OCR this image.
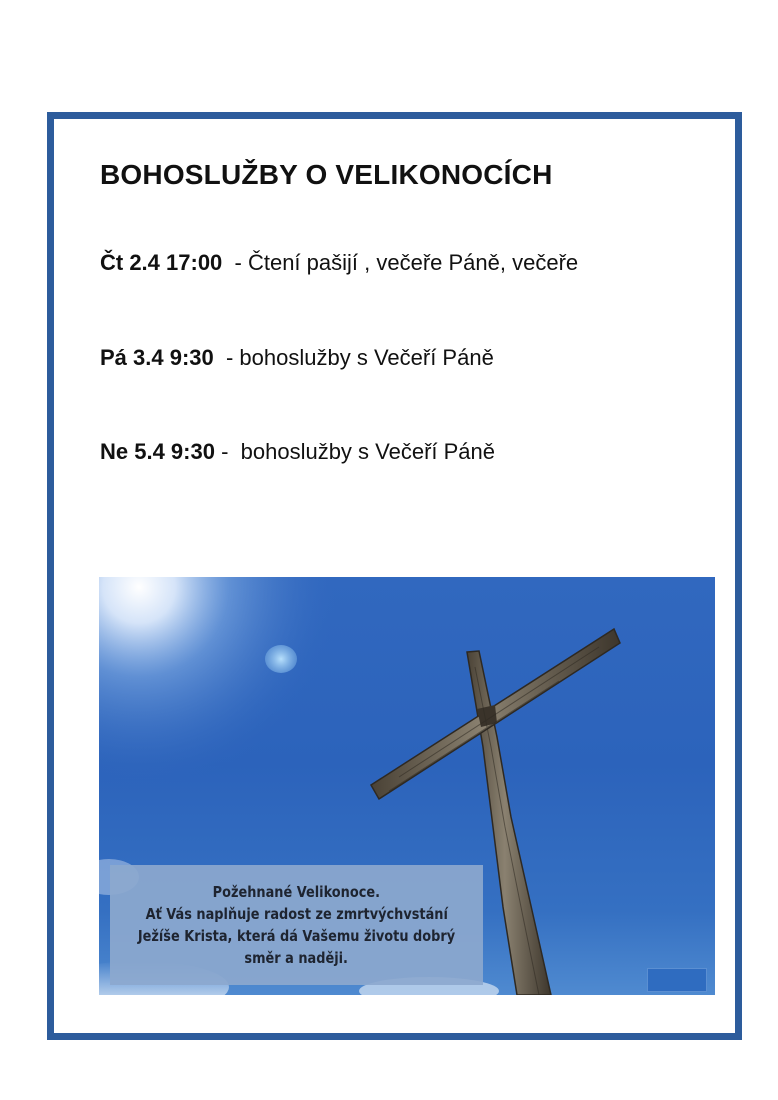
BOHOSLUŽBY O VELIKONOCÍCH

Čt 2.4 17:00  - Čtení pašijí , večeře Páně, večeře

Pá 3.4 9:30  - bohoslužby s Večeří Páně

Ne 5.4 9:30 -  bohoslužby s Večeří Páně

Požehnané Velikonoce.
Ať Vás naplňuje radost ze zmrtvýchvstání
Ježíše Krista, která dá Vašemu životu dobrý
směr a naději.
